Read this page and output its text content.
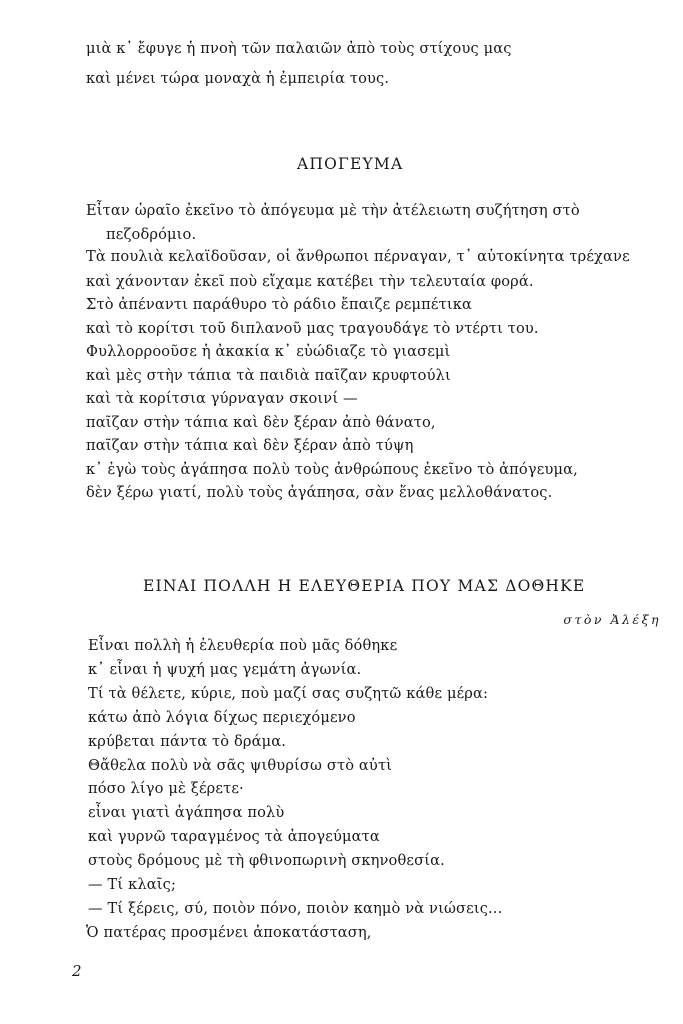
μιὰ κ᾿ ἔφυγε ἡ πνοὴ τῶν παλαιῶν ἀπὸ τοὺς στίχους μας
καὶ μένει τώρα μοναχὰ ἡ ἐμπειρία τους.
ΑΠΟΓΕΥΜΑ
Εἶταν ὡραῖο ἐκεῖνο τὸ ἀπόγευμα μὲ τὴν ἀτέλειωτη συζήτηση στὸ
πεζοδρόμιο.
Τὰ πουλιὰ κελαϊδοῦσαν, οἱ ἄνθρωποι πέρναγαν, τ᾿ αὐτοκίνητα τρέχανε
καὶ χάνονταν ἐκεῖ ποὺ εἴχαμε κατέβει τὴν τελευταία φορά.
Στὸ ἀπέναντι παράθυρο τὸ ράδιο ἔπαιζε ρεμπέτικα
καὶ τὸ κορίτσι τοῦ διπλανοῦ μας τραγουδάγε τὸ ντέρτι του.
Φυλλορροοῦσε ἡ ἀκακία κ᾿ εὐώδιαζε τὸ γιασεμὶ
καὶ μὲς στὴν τάπια τὰ παιδιὰ παῖζαν κρυφτούλι
καὶ τὰ κορίτσια γύρναγαν σκοινί —
παῖζαν στὴν τάπια καὶ δὲν ξέραν ἀπὸ θάνατο,
παῖζαν στὴν τάπια καὶ δὲν ξέραν ἀπὸ τύψη
κ᾿ ἐγὼ τοὺς ἀγάπησα πολὺ τοὺς ἀνθρώπους ἐκεῖνο τὸ ἀπόγευμα,
δὲν ξέρω γιατί, πολὺ τοὺς ἀγάπησα, σὰν ἕνας μελλοθάνατος.
ΕΙΝΑΙ ΠΟΛΛΗ Η ΕΛΕΥΘΕΡΙΑ ΠΟΥ ΜΑΣ ΔΟΘΗΚΕ
στὸν Ἀλέξη
Εἶναι πολλὴ ἡ ἐλευθερία ποὺ μᾶς δόθηκε
κ᾿ εἶναι ἡ ψυχή μας γεμάτη ἀγωνία.
Τί τὰ θέλετε, κύριε, ποὺ μαζί σας συζητῶ κάθε μέρα:
κάτω ἀπὸ λόγια δίχως περιεχόμενο
κρύβεται πάντα τὸ δράμα.
Θἄθελα πολὺ νὰ σᾶς ψιθυρίσω στὸ αὐτὶ
πόσο λίγο μὲ ξέρετε·
εἶναι γιατὶ ἀγάπησα πολὺ
καὶ γυρνῶ ταραγμένος τὰ ἀπογεύματα
στοὺς δρόμους μὲ τὴ φθινοπωρινὴ σκηνοθεσία.
— Τί κλαῖς;
— Τί ξέρεις, σύ, ποιὸν πόνο, ποιὸν καημὸ νὰ νιώσεις...
Ὁ πατέρας προσμένει ἀποκατάσταση,
2
